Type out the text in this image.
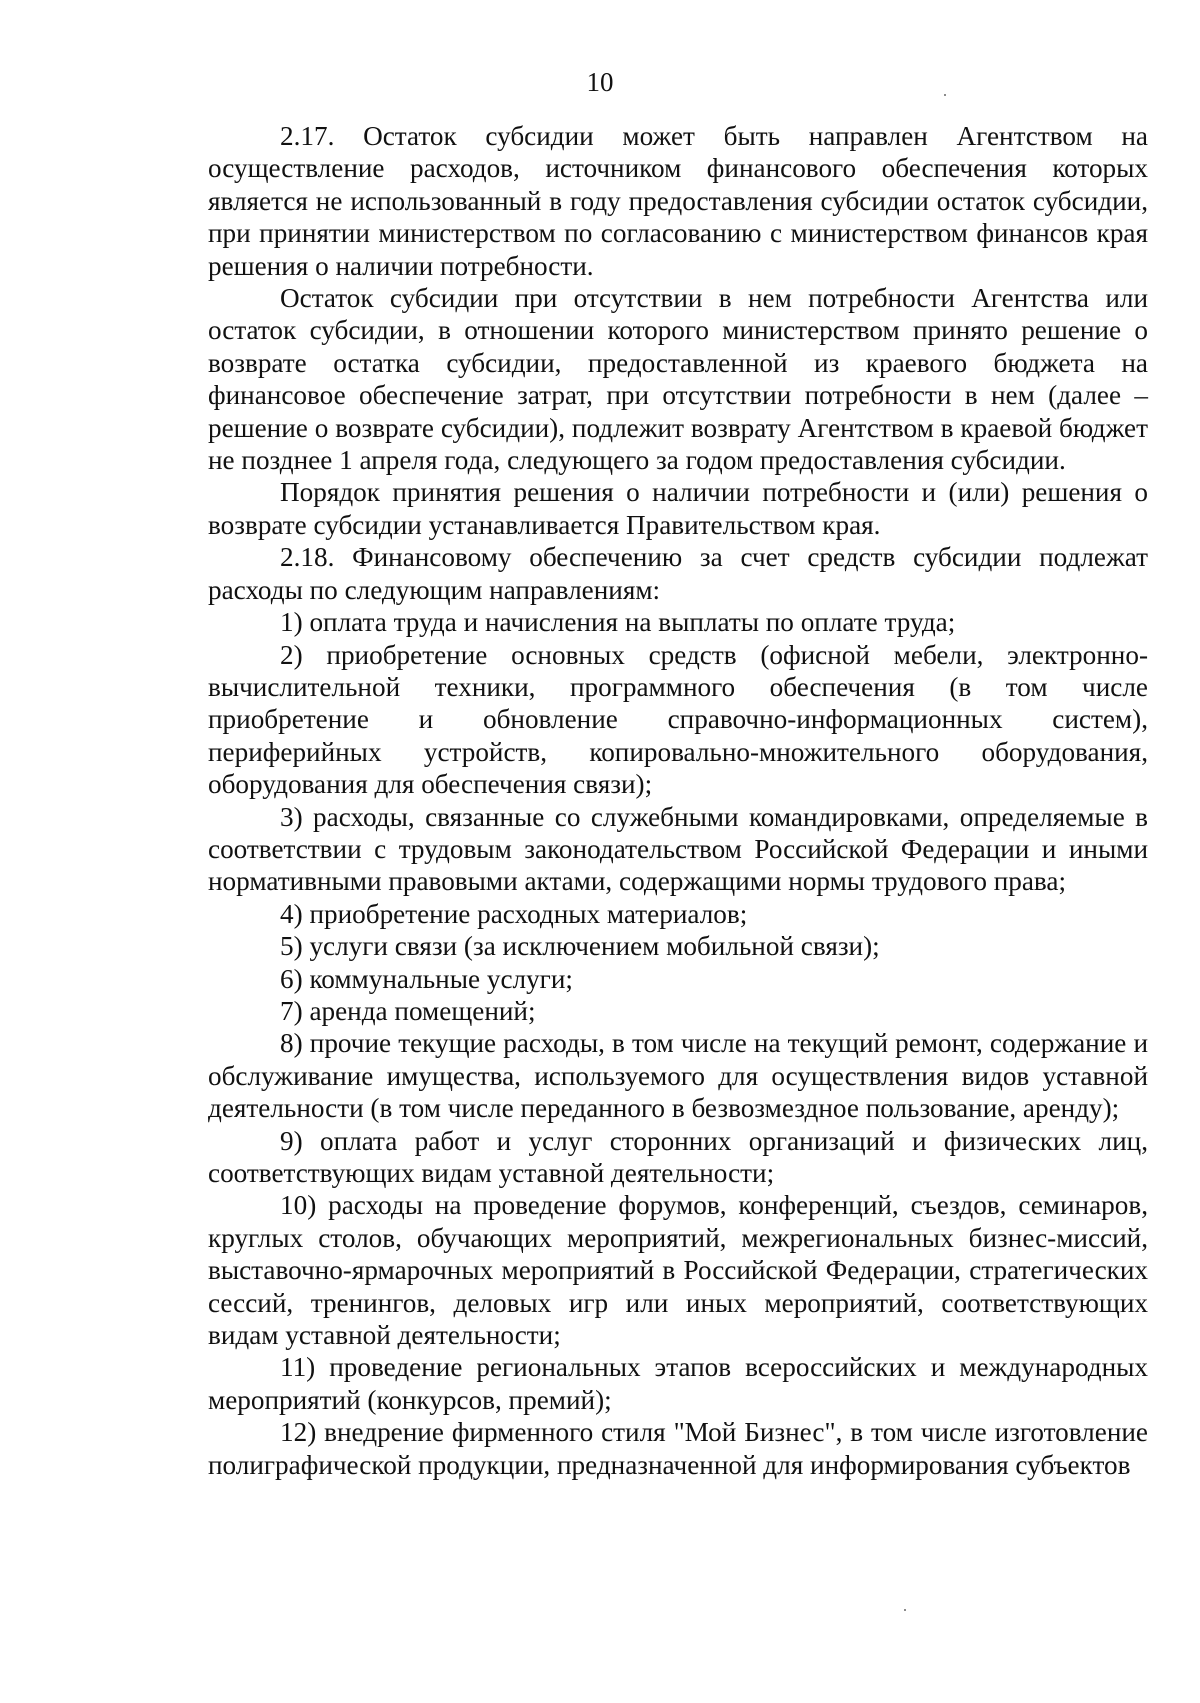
10

2.17. Остаток субсидии может быть направлен Агентством на осуществление расходов, источником финансового обеспечения которых является не использованный в году предоставления субсидии остаток субсидии, при принятии министерством по согласованию с министерством финансов края решения о наличии потребности.

Остаток субсидии при отсутствии в нем потребности Агентства или остаток субсидии, в отношении которого министерством принято решение о возврате остатка субсидии, предоставленной из краевого бюджета на финансовое обеспечение затрат, при отсутствии потребности в нем (далее – решение о возврате субсидии), подлежит возврату Агентством в краевой бюджет не позднее 1 апреля года, следующего за годом предоставления субсидии.

Порядок принятия решения о наличии потребности и (или) решения о возврате субсидии устанавливается Правительством края.

2.18. Финансовому обеспечению за счет средств субсидии подлежат расходы по следующим направлениям:

1) оплата труда и начисления на выплаты по оплате труда;

2) приобретение основных средств (офисной мебели, электронно-вычислительной техники, программного обеспечения (в том числе приобретение и обновление справочно-информационных систем), периферийных устройств, копировально-множительного оборудования, оборудования для обеспечения связи);

3) расходы, связанные со служебными командировками, определяемые в соответствии с трудовым законодательством Российской Федерации и иными нормативными правовыми актами, содержащими нормы трудового права;

4) приобретение расходных материалов;

5) услуги связи (за исключением мобильной связи);

6) коммунальные услуги;

7) аренда помещений;

8) прочие текущие расходы, в том числе на текущий ремонт, содержание и обслуживание имущества, используемого для осуществления видов уставной деятельности (в том числе переданного в безвозмездное пользование, аренду);

9) оплата работ и услуг сторонних организаций и физических лиц, соответствующих видам уставной деятельности;

10) расходы на проведение форумов, конференций, съездов, семинаров, круглых столов, обучающих мероприятий, межрегиональных бизнес-миссий, выставочно-ярмарочных мероприятий в Российской Федерации, стратегических сессий, тренингов, деловых игр или иных мероприятий, соответствующих видам уставной деятельности;

11) проведение региональных этапов всероссийских и международных мероприятий (конкурсов, премий);

12) внедрение фирменного стиля "Мой Бизнес", в том числе изготовление полиграфической продукции, предназначенной для информирования субъектов
